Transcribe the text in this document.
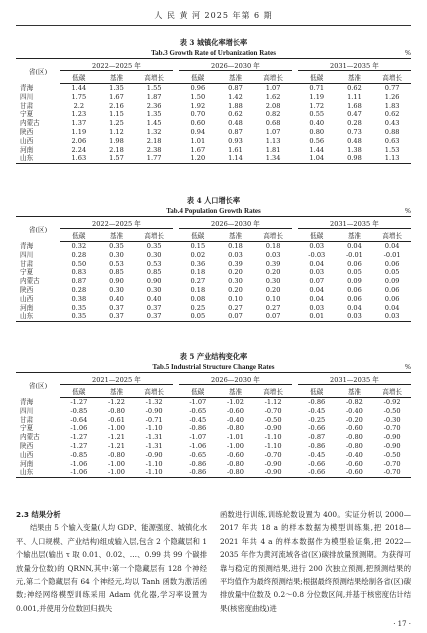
人 民 黄 河 2025 年第 6 期
表 3 城镇化率增长率
Tab.3 Growth Rate of Urbanization Rates	%
省(区)	2022—2025 年				2026—2030 年				2031—2035 年		

	低碳	基准	高增长		低碳	基准	高增长		低碳	基准	高增长
青海	1.44	1.35	1.55		0.96	0.87	1.07		0.71	0.62	0.77
四川	1.75	1.67	1.87		1.50	1.42	1.62		1.19	1.11	1.26
甘肃	2.2	2.16	2.36		1.92	1.88	2.08		1.72	1.68	1.83
宁夏	1.23	1.15	1.35		0.70	0.62	0.82		0.55	0.47	0.62
内蒙古	1.37	1.25	1.45		0.60	0.48	0.68		0.40	0.28	0.43
陕西	1.19	1.12	1.32		0.94	0.87	1.07		0.80	0.73	0.88
山西	2.06	1.98	2.18		1.01	0.93	1.13		0.56	0.48	0.63
河南	2.24	2.18	2.38		1.67	1.61	1.81		1.44	1.38	1.53
山东	1.63	1.57	1.77		1.20	1.14	1.34		1.04	0.98	1.13
表 4 人口增长率
Tab.4 Population Growth Rates	%
省(区)	2022—2025 年				2026—2030 年				2031—2035 年		

	低碳	基准	高增长		低碳	基准	高增长		低碳	基准	高增长
青海	0.32	0.35	0.35		0.15	0.18	0.18		0.03	0.04	0.04
四川	0.28	0.30	0.30		0.02	0.03	0.03		-0.03	-0.01	-0.01
甘肃	0.50	0.53	0.53		0.36	0.39	0.39		0.04	0.06	0.06
宁夏	0.83	0.85	0.85		0.18	0.20	0.20		0.03	0.05	0.05
内蒙古	0.87	0.90	0.90		0.27	0.30	0.30		0.07	0.09	0.09
陕西	0.28	0.30	0.30		0.18	0.20	0.20		0.04	0.06	0.06
山西	0.38	0.40	0.40		0.08	0.10	0.10		0.04	0.06	0.06
河南	0.35	0.37	0.37		0.25	0.27	0.27		0.03	0.04	0.04
山东	0.35	0.37	0.37		0.05	0.07	0.07		0.01	0.03	0.03
表 5 产业结构变化率
Tab.5 Industrial Structure Change Rates	%
省(区)	2021—2025 年				2026—2030 年				2031—2035 年		

	低碳	基准	高增长		低碳	基准	高增长		低碳	基准	高增长
青海	-1.27	-1.22	-1.32		-1.07	-1.02	-1.12		-0.86	-0.82	-0.92
四川	-0.85	-0.80	-0.90		-0.65	-0.60	-0.70		-0.45	-0.40	-0.50
甘肃	-0.64	-0.61	-0.71		-0.45	-0.40	-0.50		-0.25	-0.20	-0.30
宁夏	-1.06	-1.00	-1.10		-0.86	-0.80	-0.90		-0.66	-0.60	-0.70
内蒙古	-1.27	-1.21	-1.31		-1.07	-1.01	-1.10		-0.87	-0.80	-0.90
陕西	-1.27	-1.21	-1.31		-1.06	-1.00	-1.10		-0.86	-0.80	-0.90
山西	-0.85	-0.80	-0.90		-0.65	-0.60	-0.70		-0.45	-0.40	-0.50
河南	-1.06	-1.00	-1.10		-0.86	-0.80	-0.90		-0.66	-0.60	-0.70
山东	-1.06	-1.00	-1.10		-0.86	-0.80	-0.90		-0.66	-0.60	-0.70
2.3 结果分析
结果由 5 个输入变量(人均 GDP、能源强度、城镇化水平、人口规模、产业结构)组成输入层,包含 2 个隐藏层和 1 个输出层(输出 τ 取 0.01、0.02、…、0.99 共 99 个碳排放量分位数)的 QRNN,其中:第一个隐藏层有 128 个神经元,第二个隐藏层有 64 个神经元,均以 Tanh 函数为激活函数;神经网络模型训练采用 Adam 优化器,学习率设置为 0.001,并使用分位数回归损失
函数进行训练,训练轮数设置为 400。实证分析以 2000—2017 年共 18 a 的样本数据为模型训练集,把 2018—2021 年共 4 a 的样本数据作为模型验证集,把 2022—2035 年作为黄河流域各省(区)碳排放量预测期。为获得可靠与稳定的预测结果,进行 200 次独立预测,把预测结果的平均值作为最终预测结果;根据最终预测结果绘制各省(区)碳排放量中位数及 0.2～0.8 分位数区间,并基于核密度估计结果(核密度曲线)进
· 17 ·
